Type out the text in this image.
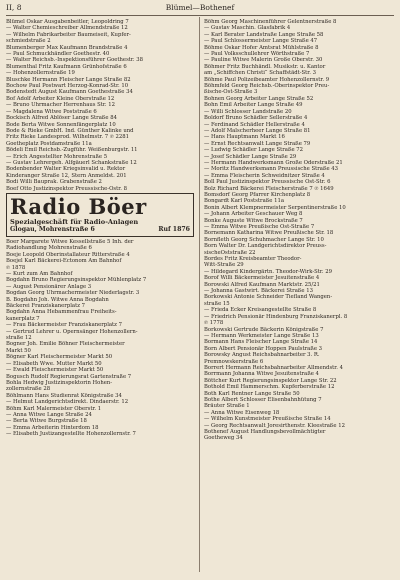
II, 8	Blümel—Bothenef
Blümel Oskar Ausgabenbeitler, Leopoldring 7
— Walter Chemieschreiber Allmendstraße 12
— Wilhelm Fabrikarbeiter Baumeiseit, Kupfer-
schmiedstraße 2
Blumenberger Max Kaufmann Brandstraße 4
— Paul Schmuckhändler Goethestr. 40
— Walter Reichsb.-Inspektionsführer Goethestr. 38
Blumenthal Fritz Kaufmann Grünhofstraße 6
— Hohenzollernstraße 19
Bluschke Hermann Fleischer Lange Straße 82
Bochow Paul Postwart Herzog-Konrad-Str. 10
Bodenstedt August Kaufmann Goethestraße 34
Bof Adolf Arbeiter Kleine Oberstraße 12
— Bruno Uhrmacher Herrenhaus Str. 12
— Magdalena Witwe Poststraße 6
Bockisch Alfred Ablöser Lange Straße 84
Bode Berta Witwe Sonnenfängerplatz 10
Bode & Rieke GmbH. Ind. Günther Kalinke und
Fritz Rieke Landesprod. Wilhelmstr. 7 ℗ 2281
Goetheplatz Postdamstraße 11a
Bödeli Emil Reichsb.-Zugführ. Weißenburgstr. 11
— Erich Angestellter Mohrenstraße 5
— Gustav Lehrergeh. Alfgäuerl Schankstraße 12
Bodenbender Walter Kriegsinvalid u. Rektor
Kinderanger Straße 12, Stern Anmeldst. 201
Bodi Willi Bauprak. Grabenstraße 2
Boef Otto Justizinspektor Preussische-Ostr. 8
Radio Böer
Spezialgeschäft für Radio-Anlagen
Glogau, Mohrenstraße 6	Ruf 1876
Boer Margarete Witwe Kessellstraße 5 Inh. der
Radiohandlung Mohrenstraße 6
Boeje Leopold Oberinstallateur Ritterstraße 4
Boejel Karl Bäckerei-Ectonom Am Bahnhof
℗ 1878
— Kurt zum Am Bahnhof
Bogdahn Bruno Regierungsinspektor Mühlenplatz 7
— August Pensionärer Anlage 3
Bogdan Georg Uhrmachermeister Niederlagstr. 3
B. Bogdahn Joh. Witwe Anna Bogdahn
Bäckerei Franziskanerplatz 7
Bogdahn Anna Hebammenfrau Freiheits-
kanerplatz 7
— Frau Bäckermeister Franziskanerplatz 7
— Gertrud Lehrer u. Opernsänger Hohenzollern-
straße 12
Bogner Joh. Emilie Böhner Fleischermeister
Markt 50
Bögner Karl Fleischermeister Markt 50
— Elisabeth Wwe. Mutter Markt 50
— Ewald Fleischermeister Markt 50
Bogusch Rudolf Regierungsrat Gartenstraße 7
Bohla Hedwig Justizinspektorin Hohen-
zollernstraße 28
Böhlmann Hans Studienrat Königstraße 34
— Helmut Landgerichtsdirekt. Dindaerstr. 12
Böhm Karl Malermeister Oberstr. 1
— Anna Witwe Lange Straße 24
— Berta Witwe Burgstraße 18
— Emma Arbeiterin Hinterdom 18
— Elisabeth Justizangestellte Hohenzollernstr. 7
Böhm Georg Maschinenführer Gelentnerstraße 8
— Gustav Maschin. Glasfabrik 4
— Karl Berater Landstraße Lange Straße 58
— Paul Schlossermeister Lange Straße 47
Böhme Oskar Hofer Amtsrat Mühlstraße 8
— Paul Volksschullehrer Wörthstraße 7
— Pauline Witwe Malerin Große Oberstr. 30
Böhmer Fritz Buchhändl. Musikstr. u. Kantor
am „Schiffchen Christi“ Schaffstädt-Str. 3
Böhme Paul Polizeibeamter Hohenzollernstr. 9
Böhmfeld Georg Reichsb.-Oberinspektor Preu-
ßische-Ost-Straße 3
Bohnen Georg Arbeiter Lange Straße 52
Bohn Emil Arbeiter Lange Straße 49
— Willi Schlosser Landstraße 20
Boldorf Bruno Schädler Sellerstraße 4
— Ferdinand Schädler Hellerstraße 4
— Adolf Malscherheer Lange Straße 81
— Hans Hauptmann Markt 16
— Ernst Rechtsanwalt Lange Straße 79
— Ludwig Schädler Lange Straße 72
— Josef Schädler Lange Straße 29
— Hermann Handwerksmann Große Oderstraße 21
— Moritz Handwerksmann Preussische Straße 43
— Emma Fleischerin Schweidnitzer Straße 4
Boll Paul Justizinspektor Preussische Ost-Str. 6
Bolz Richard Bäckerei Fleischerstraße 7 ℗ 1649
Bomsdorf Georg Pfarrer Kirchenplatz 8
Bongardt Karl Poststraße 11a
Bonin Albert Klempnermeister Serpentinerstraße 10
— Johann Arbeiter Geschauer Weg 8
Bonke Auguste Witwe Brockstraße 7
— Emma Witwe Preußische Ost-Straße 7
Bornemann Katharina Witwe Preußische Str. 18
Bornfleth Georg Schuhmacher Lange Str. 10
Born Walter Dr. Landgerichtsdirektor Preuss-
sischeOststraße 22
Bordes Fritz Kreisbeamter Theodor-
Witt-Straße 29
— Hildegard Kindergärtn. Theodor-Wirk-Str. 29
Borof Willi Bäckermeister Jesuitenstraße 4
Borowski Alfred Kaufmann Marktstr. 25/21
— Johanna Gastwirt. Bäckerei Straße 13
Borkowski Antonie Schneider Tiefland Wangen-
straße 15
— Frieda Ecker Kreisangestellte Straße 8
— Friedrich Pensionär Hindenburg Franziskanerpl. 8
℗ 1778
Borkowski Gertrude Bäckerin Königstraße 7
— Hermann Werkmeister Lange Straße 13
Bormann Hans Fleischer Lange Straße 14
Born Albert Pensionär Hoppen Paulstraße 3
Borowsky Angust Reichsbahnarbeiter 3. R.
Premnowskerstraße 6
Borrert Hermann Reichsbahnarbeiter Allmendstr. 4
Borrmann Johanna Witwe Jesuitenstraße 4
Böttcher Kurt Regierungsinspektor Lange Str. 22
Bothold Emil Hammerschm. Kupferberstraße 12
Both Karl Rentner Lange Straße 50
Bothe Albert Schlosser Elisenbahnhütung 7
Bräuter Straße 1
— Anna Witwe Eisenweg 18
— Wilhelm Kunstmeister Preußische Straße 14
— Georg Rechtsanwalt Joresirthenstr. Kleestraße 12
Bothenef August Handlungsbevollmächtigter
Goetheweg 34
